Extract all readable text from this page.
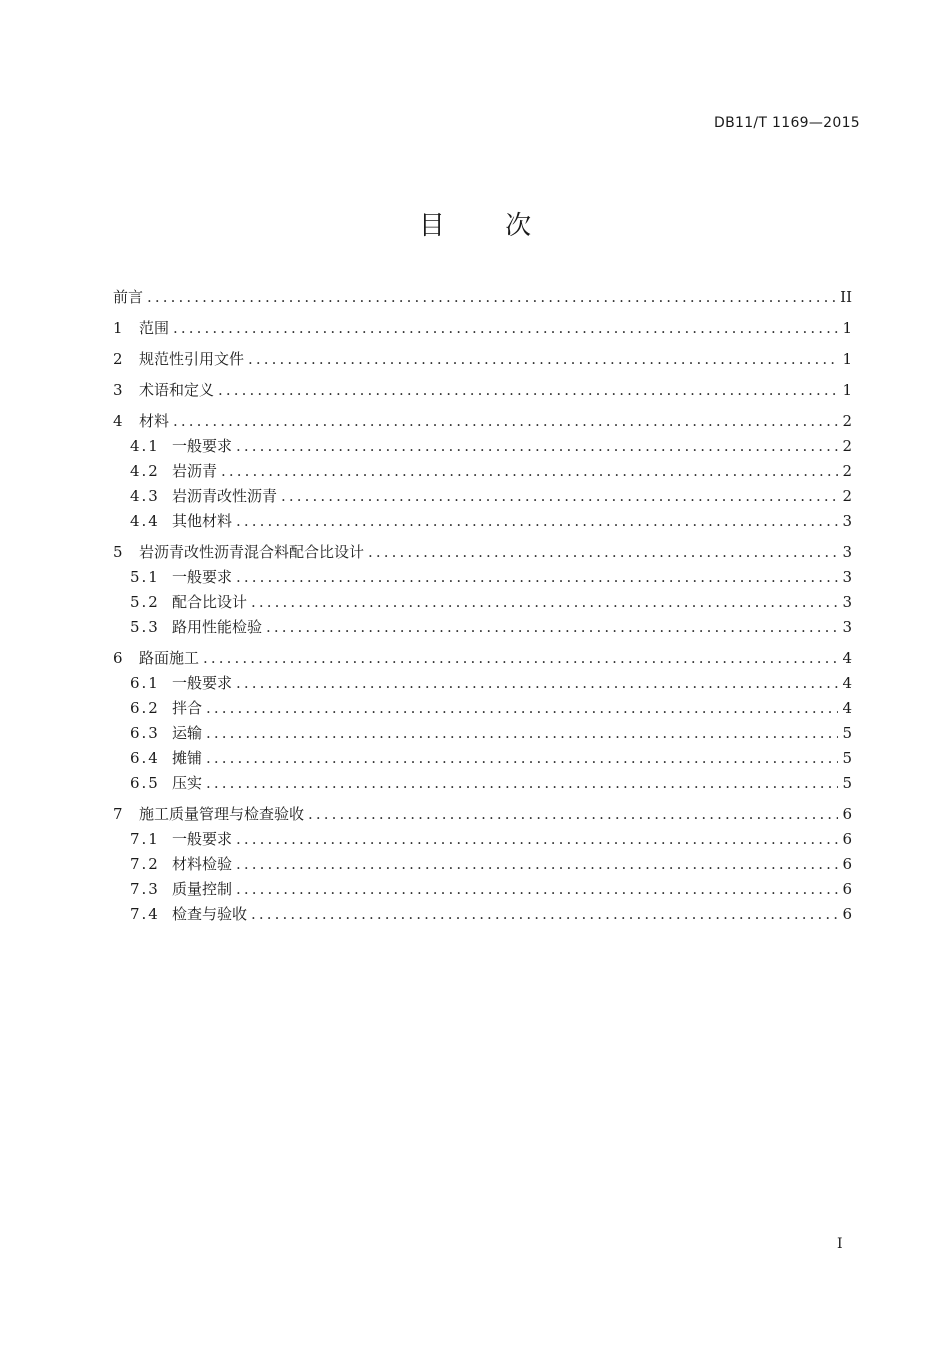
DB11/T 1169—2015
目 次
前言 .....	II
1	范围 .....	1
2	规范性引用文件 .....	1
3	术语和定义 .....	1
4	材料 .....	2
4.1 一般要求 .....	2
4.2 岩沥青 .....	2
4.3 岩沥青改性沥青 .....	2
4.4 其他材料 .....	3
5	岩沥青改性沥青混合料配合比设计 .....	3
5.1 一般要求 .....	3
5.2 配合比设计 .....	3
5.3 路用性能检验 .....	3
6	路面施工 .....	4
6.1 一般要求 .....	4
6.2 拌合 .....	4
6.3 运输 .....	5
6.4 摊铺 .....	5
6.5 压实 .....	5
7	施工质量管理与检查验收 .....	6
7.1 一般要求 .....	6
7.2 材料检验 .....	6
7.3 质量控制 .....	6
7.4 检查与验收 .....	6
I
